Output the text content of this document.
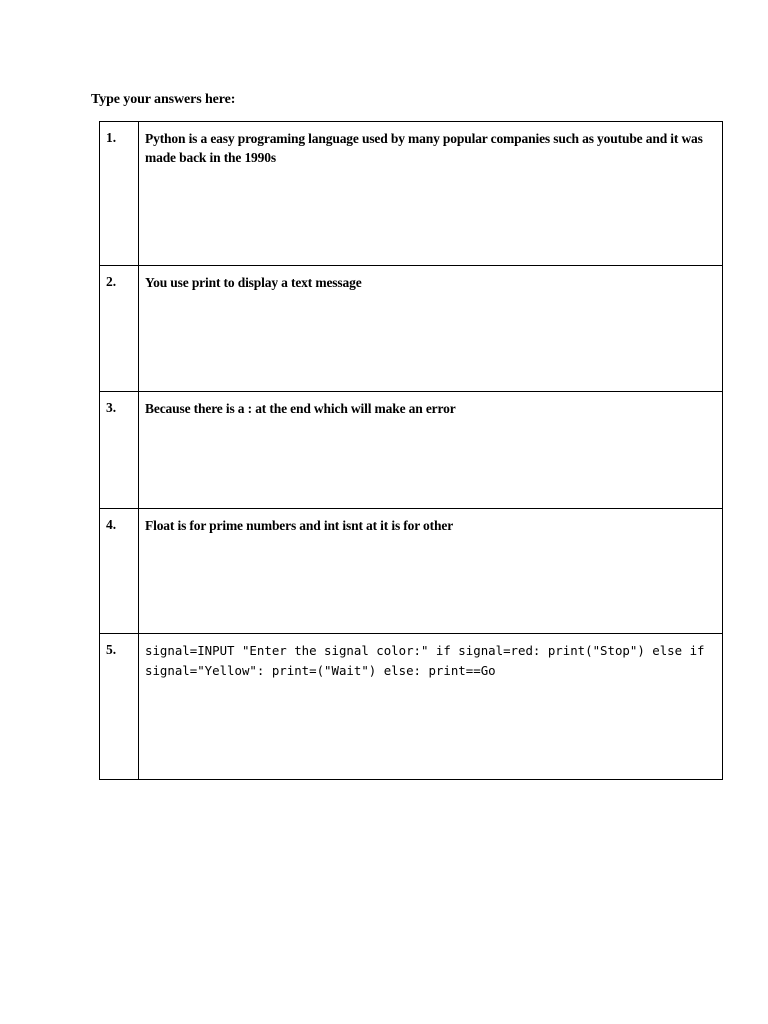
Type your answers here:
1.	Python is a easy programing language used by many popular companies such as youtube and it was made back in the 1990s

2.	You use print to display a text message

3.	Because there is a : at the end which will make an error

4.	Float is for prime numbers and int isnt at it is for other

5.	signal=INPUT "Enter the signal color:" if signal=red: print("Stop") else if signal="Yellow": print=("Wait") else: print==Go
